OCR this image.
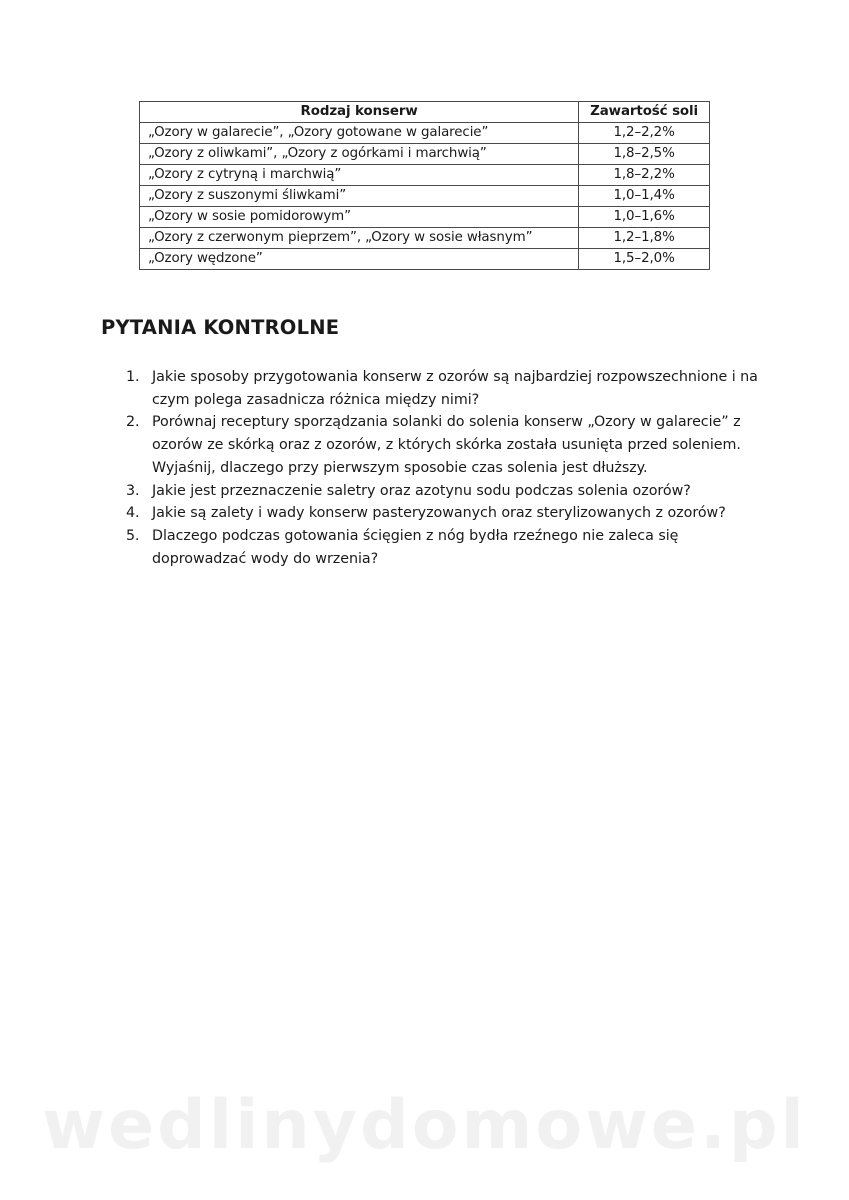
Rodzaj konserw	Zawartość soli
„Ozory w galarecie”, „Ozory gotowane w galarecie”	1,2–2,2%
„Ozory z oliwkami”, „Ozory z ogórkami i marchwią”	1,8–2,5%
„Ozory z cytryną i marchwią”	1,8–2,2%
„Ozory z suszonymi śliwkami”	1,0–1,4%
„Ozory w sosie pomidorowym”	1,0–1,6%
„Ozory z czerwonym pieprzem”, „Ozory w sosie własnym”	1,2–1,8%
„Ozory wędzone”	1,5–2,0%
PYTANIA KONTROLNE
1. Jakie sposoby przygotowania konserw z ozorów są najbardziej rozpowszechnione i na czym polega zasadnicza różnica między nimi?
2. Porównaj receptury sporządzania solanki do solenia konserw „Ozory w galarecie” z ozorów ze skórką oraz z ozorów, z których skórka została usunięta przed soleniem. Wyjaśnij, dlaczego przy pierwszym sposobie czas solenia jest dłuższy.
3. Jakie jest przeznaczenie saletry oraz azotynu sodu podczas solenia ozorów?
4. Jakie są zalety i wady konserw pasteryzowanych oraz sterylizowanych z ozorów?
5. Dlaczego podczas gotowania ścięgien z nóg bydła rzeźnego nie zaleca się doprowadzać wody do wrzenia?
wedlinydomowe.pl
